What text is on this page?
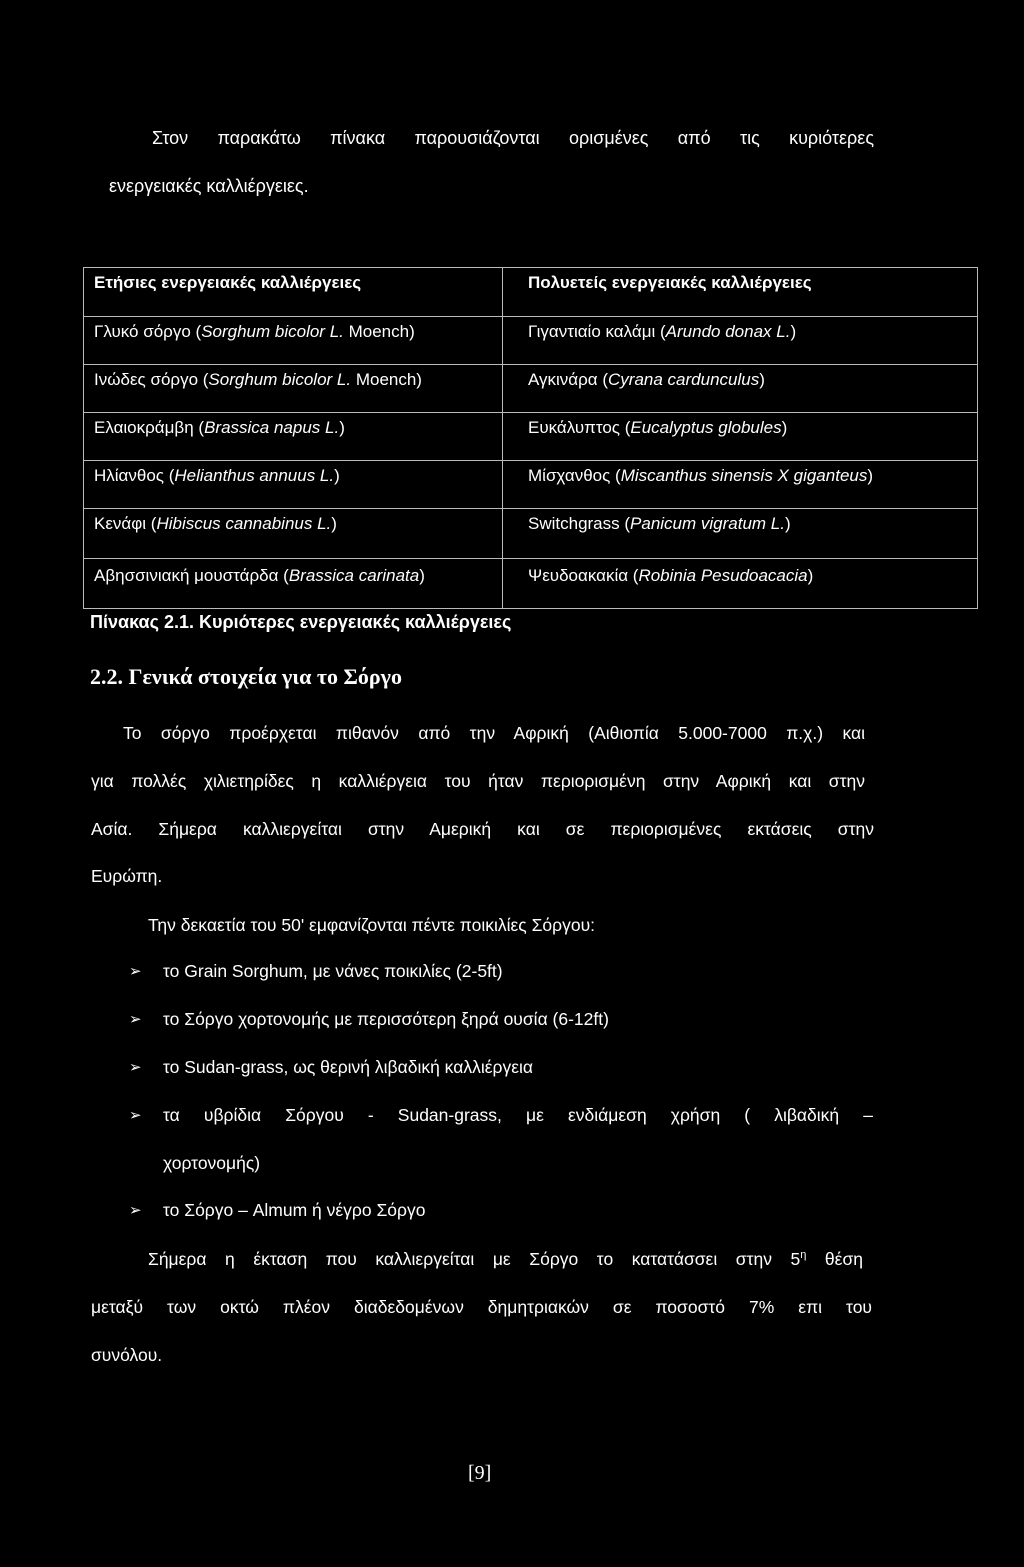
Στον παρακάτω πίνακα παρουσιάζονται ορισμένες από τις κυριότερες
ενεργειακές καλλιέργειες.
Ετήσιες ενεργειακές καλλιέργειες	Πολυετείς ενεργειακές καλλιέργειες
Γλυκό σόργο (Sorghum bicolor L. Moench)	Γιγαντιαίο καλάμι (Arundo donax L.)
Ινώδες σόργο (Sorghum bicolor L. Moench)	Αγκινάρα (Cyrana cardunculus)
Ελαιοκράμβη (Brassica napus L.)	Ευκάλυπτος (Eucalyptus globules)
Ηλίανθος (Helianthus annuus L.)	Μίσχανθος (Miscanthus sinensis X giganteus)
Κενάφι (Hibiscus cannabinus L.)	Switchgrass (Panicum vigratum L.)
Αβησσινιακή μουστάρδα (Brassica carinata)	Ψευδοακακία (Robinia Pesudoacacia)
Πίνακας 2.1. Κυριότερες ενεργειακές καλλιέργειες
2.2. Γενικά στοιχεία για το Σόργο
Το σόργο προέρχεται πιθανόν από την Αφρική (Αιθιοπία 5.000-7000 π.χ.) και
για πολλές χιλιετηρίδες η καλλιέργεια του ήταν περιορισμένη στην Αφρική και στην
Ασία. Σήμερα καλλιεργείται στην Αμερική και σε περιορισμένες εκτάσεις στην
Ευρώπη.
Την δεκαετία του 50' εμφανίζονται πέντε ποικιλίες Σόργου:
➢ το Grain Sorghum, με νάνες ποικιλίες (2-5ft)
➢ το Σόργο χορτονομής με περισσότερη ξηρά ουσία (6-12ft)
➢ το Sudan-grass, ως θερινή λιβαδική καλλιέργεια
➢ τα υβρίδια Σόργου - Sudan-grass, με ενδιάμεση χρήση ( λιβαδική –
χορτονομής)
➢ το Σόργο – Almum ή νέγρο Σόργο
Σήμερα η έκταση που καλλιεργείται με Σόργο το κατατάσσει στην $5^\eta$ θέση
μεταξύ των οκτώ πλέον διαδεδομένων δημητριακών σε ποσοστό 7% επι του
συνόλου.
[9]
